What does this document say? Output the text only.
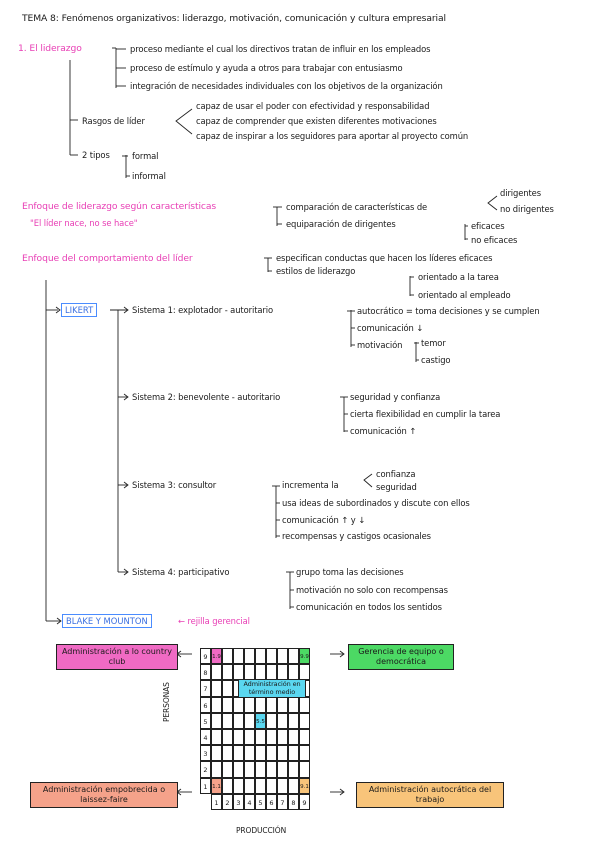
TEMA 8: Fenómenos organizativos: liderazgo, motivación, comunicación y cultura empresarial
1. El liderazgo	proceso mediante el cual los directivos tratan de influir en los empleados
proceso de estímulo y ayuda a otros para trabajar con entusiasmo
integración de necesidades individuales con los objetivos de la organización
Rasgos de líder
capaz de usar el poder con efectividad y responsabilidad
capaz de comprender que existen diferentes motivaciones
capaz de inspirar a los seguidores para aportar al proyecto común
2 tipos	formal
informal
Enfoque de liderazgo según características
"El líder nace, no se hace"
comparación de características de
equiparación de dirigentes
dirigentes
no dirigentes
eficaces
no eficaces
Enfoque del comportamiento del líder	especifican conductas que hacen los líderes eficaces
estilos de liderazgo
orientado a la tarea
orientado al empleado
LIKERT	Sistema 1: explotador - autoritario	autocrático = toma decisiones y se cumplen
comunicación ↓
motivación temor
castigo
Sistema 2: benevolente - autoritario	seguridad y confianza
cierta flexibilidad en cumplir la tarea
comunicación ↑
Sistema 3: consultor	incrementa la
confianza
seguridad
usa ideas de subordinados y discute con ellos
comunicación ↑ y ↓
recompensas y castigos ocasionales
Sistema 4: participativo	grupo toma las decisiones
motivación no solo con recompensas
comunicación en todos los sentidos
BLAKE Y MOUNTON	← rejilla gerencial
Administración a lo country club
Gerencia de equipo o democrática
Administración empobrecida o laissez-faire
Administración autocrática del trabajo
PERSONAS
PRODUCCIÓN
9 1.9	9.9
8
7
6
5	5.5
4
3
2
1 1.1	9.1
1	2	3	4	5	6	7	8	9
Administración en término medio
